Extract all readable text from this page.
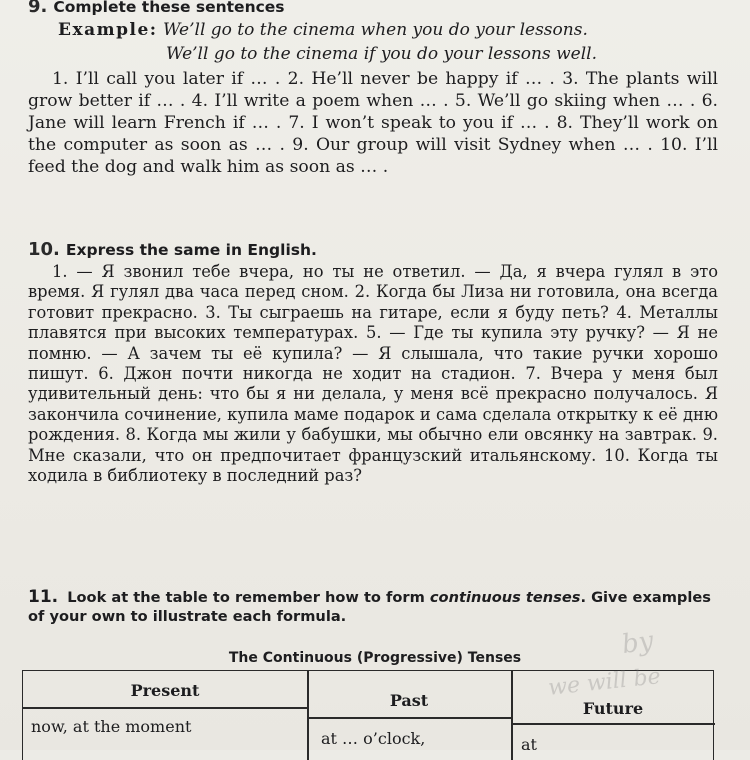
9. Complete these sentences
Example: We’ll go to the cinema when you do your lessons.
We’ll go to the cinema if you do your lessons well.
1. I’ll call you later if … . 2. He’ll never be happy if … . 3. The plants will grow better if … . 4. I’ll write a poem when … . 5. We’ll go skiing when … . 6. Jane will learn French if … . 7. I won’t speak to you if … . 8. They’ll work on the computer as soon as … . 9. Our group will visit Sydney when … . 10. I’ll feed the dog and walk him as soon as … .
10. Express the same in English.
1. — Я звонил тебе вчера, но ты не ответил. — Да, я вчера гулял в это время. Я гулял два часа перед сном. 2. Когда бы Лиза ни готовила, она всегда готовит прекрасно. 3. Ты сыграешь на гитаре, если я буду петь? 4. Металлы плавятся при высоких температурах. 5. — Где ты купила эту ручку? — Я не помню. — А зачем ты её купила? — Я слышала, что такие ручки хорошо пишут. 6. Джон почти никогда не ходит на стадион. 7. Вчера у меня был удивительный день: что бы я ни делала, у меня всё прекрасно получалось. Я закончила сочинение, купила маме подарок и сама сделала открытку к её дню рождения. 8. Когда мы жили у бабушки, мы обычно ели овсянку на завтрак. 9. Мне сказали, что он предпочитает французский итальянскому. 10. Когда ты ходила в библиотеку в последний раз?
11. Look at the table to remember how to form continuous tenses. Give examples of your own to illustrate each formula.
The Continuous (Progressive) Tenses
Present
Past	Future
now, at the moment
at … o’clock,	at
by
we will be
